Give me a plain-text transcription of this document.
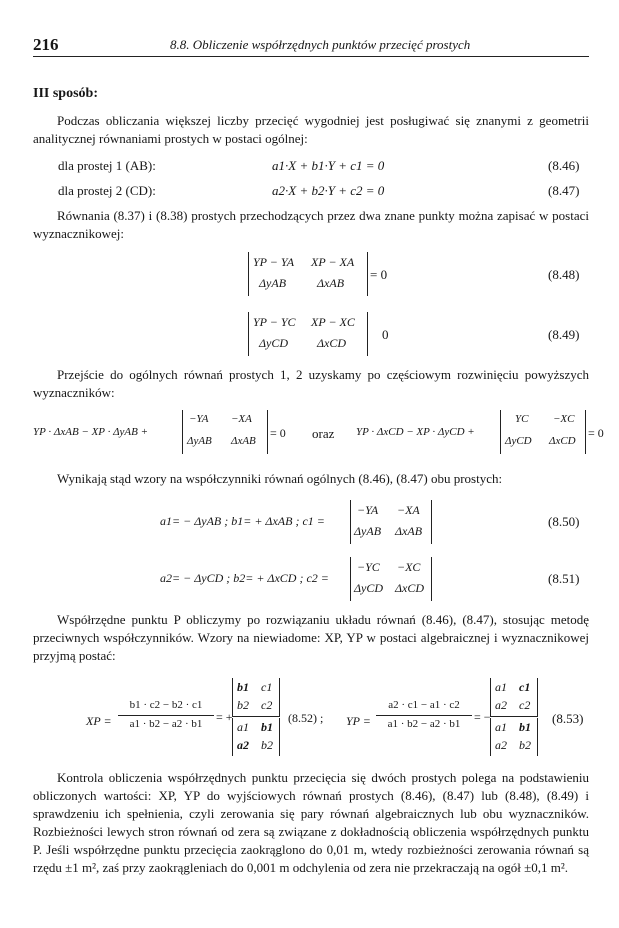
216	8.8. Obliczenie współrzędnych punktów przecięć prostych
III sposób:

Podczas obliczania większej liczby przecięć wygodniej jest posługiwać się znanymi z geometrii analitycznej równaniami prostych w postaci ogólnej:

dla prostej 1 (AB):	a1·X + b1·Y + c1 = 0	(8.46)
dla prostej 2 (CD):	a2·X + b2·Y + c2 = 0	(8.47)

Równania (8.37) i (8.38) prostych przechodzących przez dwa znane punkty można zapisać w postaci wyznacznikowej:

YP − YA XP − XA
ΔyAB	ΔxAB
= 0	(8.48)
YP − YC XP − XC
ΔyCD ΔxCD
0	(8.49)

Przejście do ogólnych równań prostych 1, 2 uzyskamy po częściowym rozwinięciu powyższych wyznaczników:

YP · ΔxAB − XP · ΔyAB +
−YA −XA
ΔyAB ΔxAB
= 0 oraz YP · ΔxCD − XP · ΔyCD +
YC −XC
ΔyCD ΔxCD
= 0

Wynikają stąd wzory na współczynniki równań ogólnych (8.46), (8.47) obu prostych:

a1= − ΔyAB ; b1= + ΔxAB ; c1 =
−YA −XA
ΔyAB ΔxAB
(8.50)
a2= − ΔyCD ; b2= + ΔxCD ; c2 =
−YC −XC
ΔyCD ΔxCD
(8.51)

Współrzędne punktu P obliczymy po rozwiązaniu układu równań (8.46), (8.47), stosując metodę przeciwnych współczynników. Wzory na niewiadome: XP, YP w postaci algebraicznej i wyznacznikowej przyjmą postać:

XP =
b1 · c2 − b2 · c1
a1 · b2 − a2 · b1	= +
b1 c1
b2 c2
a1 b1
a2 b2
(8.52) ; YP =
a2 · c1 − a1 · c2
a1 · b2 − a2 · b1	= −
a1 c1
a2 c2
a1 b1
a2 b2
(8.53)

Kontrola obliczenia współrzędnych punktu przecięcia się dwóch prostych polega na podstawieniu obliczonych wartości: XP, YP do wyjściowych równań prostych (8.46), (8.47) lub (8.48), (8.49) i sprawdzeniu ich spełnienia, czyli zerowania się pary równań algebraicznych lub obu wyznaczników. Rozbieżności lewych stron równań od zera są związane z dokładnością obliczenia współrzędnych punktu P. Jeśli współrzędne punktu przecięcia zaokrąglono do 0,01 m, wtedy rozbieżności zerowania równań są rzędu ±1 m², zaś przy zaokrągleniach do 0,001 m odchylenia od zera nie przekraczają na ogół ±0,1 m².
